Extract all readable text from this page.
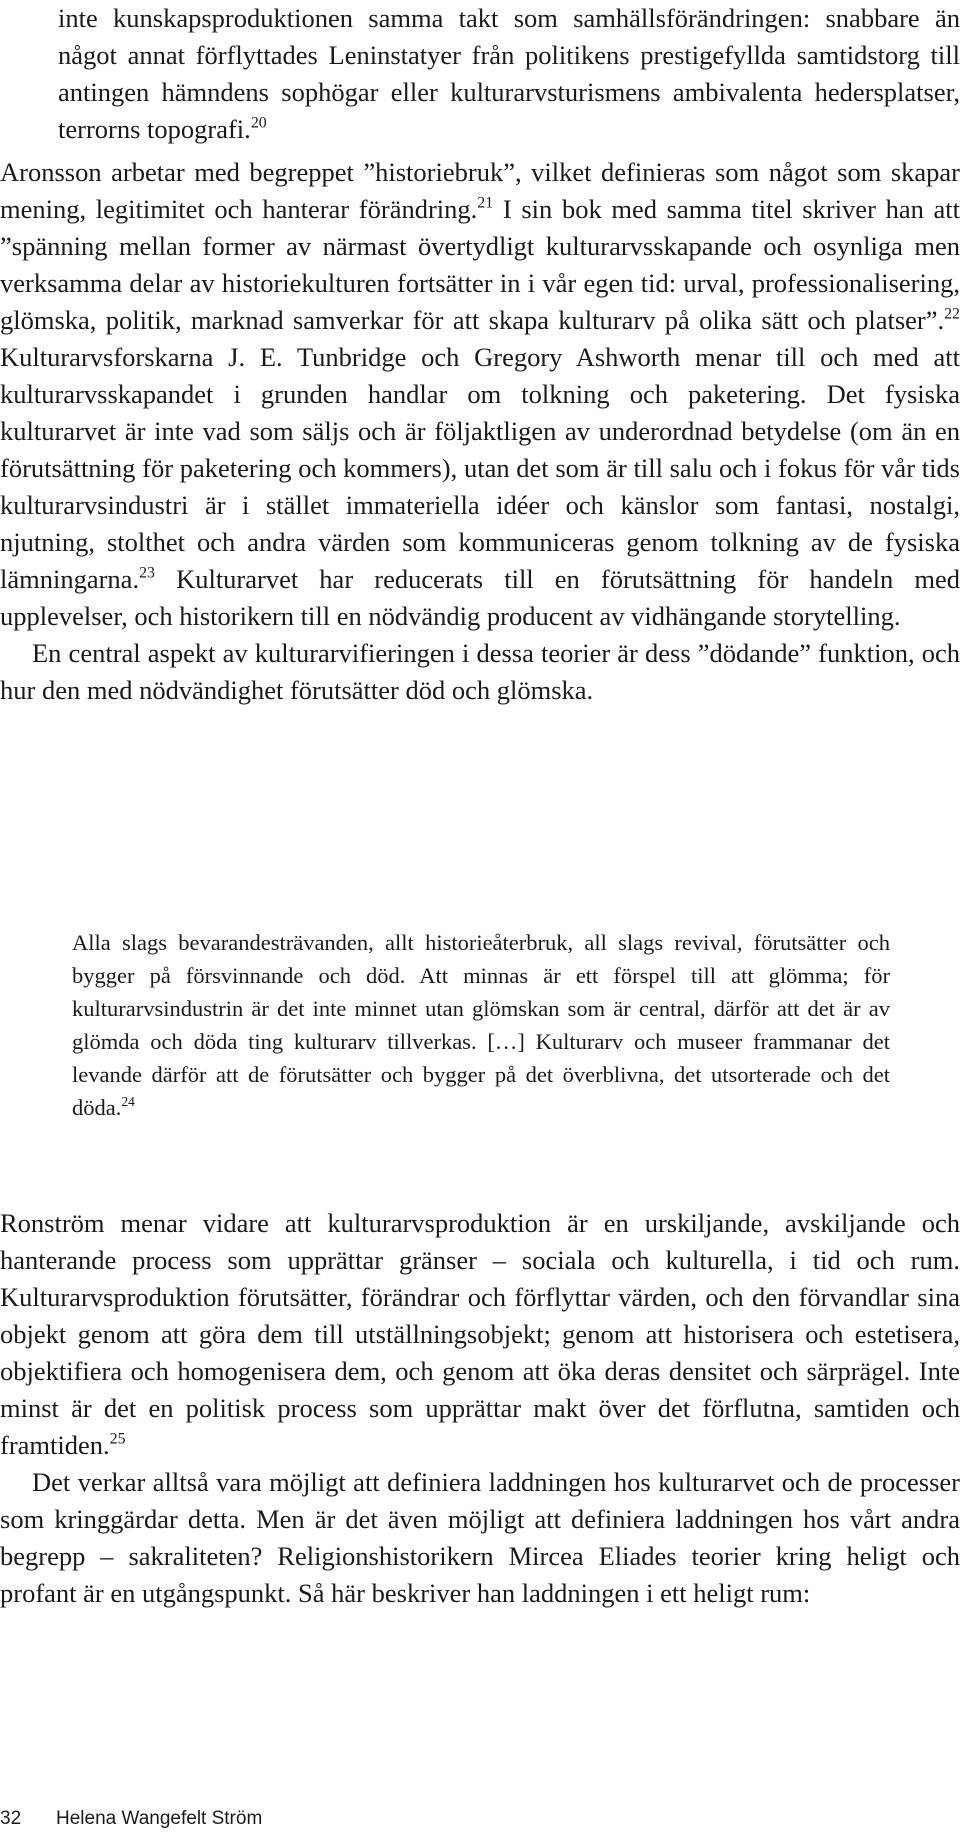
inte kunskapsproduktionen samma takt som samhällsförändringen: snabbare än något annat förflyttades Leninstatyer från politikens prestigefyllda samtidstorg till antingen hämndens sophögar eller kulturarvsturismens ambivalenta hedersplatser, terrorns topografi.$^{20}$

Aronsson arbetar med begreppet ”historiebruk”, vilket definieras som något som skapar mening, legitimitet och hanterar förändring.$^{21}$ I sin bok med samma titel skriver han att ”spänning mellan former av närmast övertydligt kulturarvsskapande och osynliga men verksamma delar av historiekulturen fortsätter in i vår egen tid: urval, professionalisering, glömska, politik, marknad samverkar för att skapa kulturarv på olika sätt och platser”.$^{22}$ Kulturarvsforskarna J. E. Tunbridge och Gregory Ashworth menar till och med att kulturarvsskapandet i grunden handlar om tolkning och paketering. Det fysiska kulturarvet är inte vad som säljs och är följaktligen av underordnad betydelse (om än en förutsättning för paketering och kommers), utan det som är till salu och i fokus för vår tids kulturarvsindustri är i stället immateriella idéer och känslor som fantasi, nostalgi, njutning, stolthet och andra värden som kommuniceras genom tolkning av de fysiska lämningarna.$^{23}$ Kulturarvet har reducerats till en förutsättning för handeln med upplevelser, och historikern till en nödvändig producent av vidhängande storytelling.

En central aspekt av kulturarvifieringen i dessa teorier är dess ”dödande” funktion, och hur den med nödvändighet förutsätter död och glömska.

Alla slags bevarandesträvanden, allt historieåterbruk, all slags revival, förutsätter och bygger på försvinnande och död. Att minnas är ett förspel till att glömma; för kulturarvsindustrin är det inte minnet utan glömskan som är central, därför att det är av glömda och döda ting kulturarv tillverkas. […] Kulturarv och museer frammanar det levande därför att de förutsätter och bygger på det överblivna, det utsorterade och det döda.$^{24}$

Ronström menar vidare att kulturarvsproduktion är en urskiljande, avskiljande och hanterande process som upprättar gränser – sociala och kulturella, i tid och rum. Kulturarvsproduktion förutsätter, förändrar och förflyttar värden, och den förvandlar sina objekt genom att göra dem till utställningsobjekt; genom att historisera och estetisera, objektifiera och homogenisera dem, och genom att öka deras densitet och särprägel. Inte minst är det en politisk process som upprättar makt över det förflutna, samtiden och framtiden.$^{25}$

Det verkar alltså vara möjligt att definiera laddningen hos kulturarvet och de processer som kringgärdar detta. Men är det även möjligt att definiera laddningen hos vårt andra begrepp – sakraliteten? Religionshistorikern Mircea Eliades teorier kring heligt och profant är en utgångspunkt. Så här beskriver han laddningen i ett heligt rum:

32 Helena Wangefelt Ström
